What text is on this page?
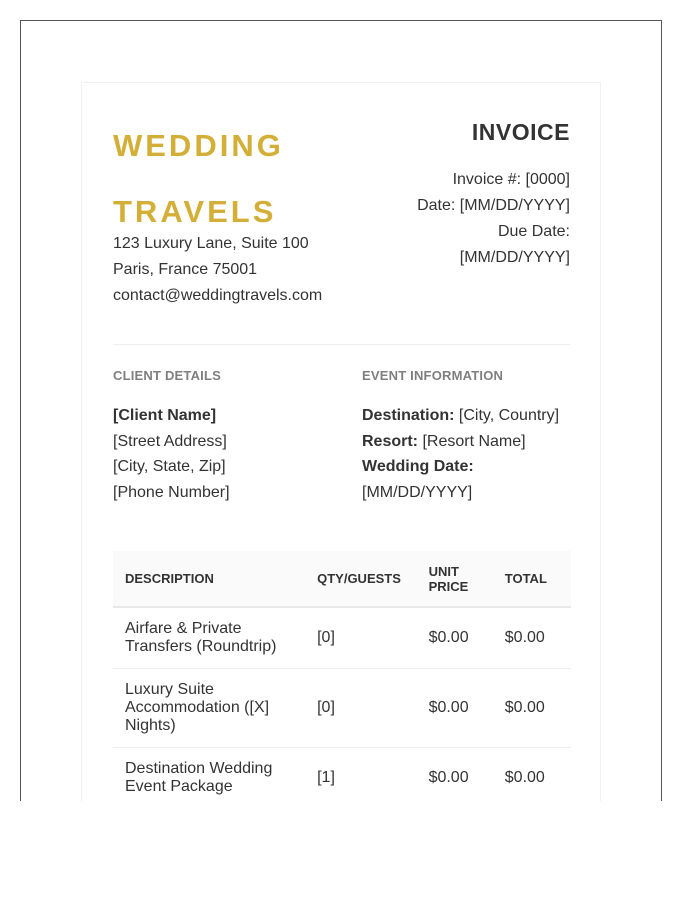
WEDDING TRAVELS
123 Luxury Lane, Suite 100
Paris, France 75001
contact@weddingtravels.com
INVOICE
Invoice #: [0000]
Date: [MM/DD/YYYY]
Due Date:
[MM/DD/YYYY]
CLIENT DETAILS	EVENT INFORMATION
[Client Name]
[Street Address]
[City, State, Zip]
[Phone Number]
Destination: [City, Country]
Resort: [Resort Name]
Wedding Date:
[MM/DD/YYYY]
DESCRIPTION	QTY/GUESTS	UNIT PRICE	TOTAL
Airfare & Private Transfers (Roundtrip)	[0]	$0.00	$0.00
Luxury Suite Accommodation ([X] Nights)	[0]	$0.00	$0.00
Destination Wedding Event Package	[1]	$0.00	$0.00
